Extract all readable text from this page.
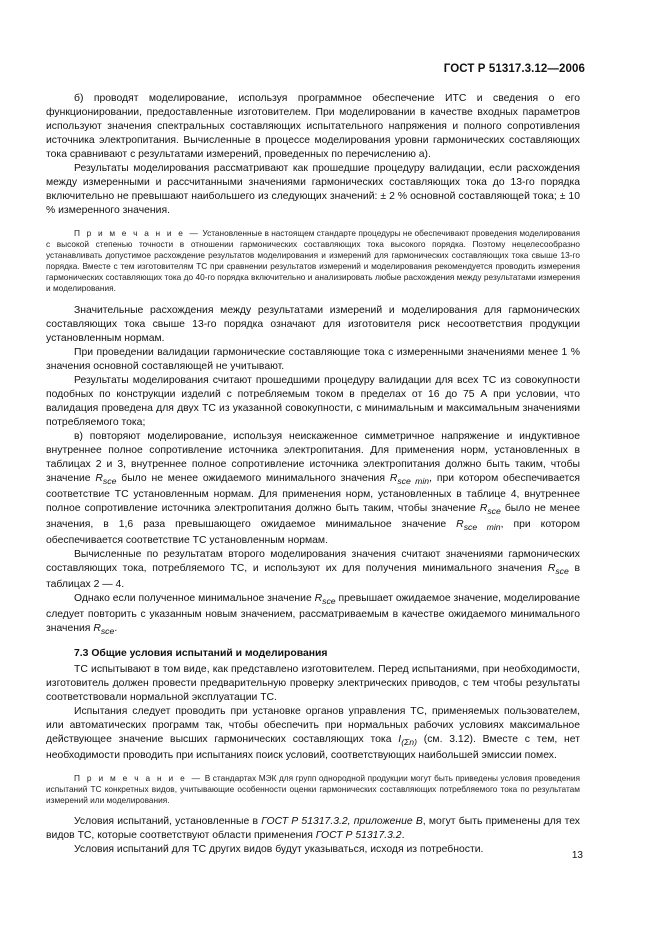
ГОСТ Р 51317.3.12—2006

б) проводят моделирование, используя программное обеспечение ИТС и сведения о его функционировании, предоставленные изготовителем. При моделировании в качестве входных параметров используют значения спектральных составляющих испытательного напряжения и полного сопротивления источника электропитания. Вычисленные в процессе моделирования уровни гармонических составляющих тока сравнивают с результатами измерений, проведенных по перечислению а).

Результаты моделирования рассматривают как прошедшие процедуру валидации, если расхождения между измеренными и рассчитанными значениями гармонических составляющих тока до 13-го порядка включительно не превышают наибольшего из следующих значений: ± 2 % основной составляющей тока; ± 10 % измеренного значения.

П р и м е ч а н и е — Установленные в настоящем стандарте процедуры не обеспечивают проведения моделирования с высокой степенью точности в отношении гармонических составляющих тока высокого порядка. Поэтому нецелесообразно устанавливать допустимое расхождение результатов моделирования и измерений для гармонических составляющих тока свыше 13-го порядка. Вместе с тем изготовителям ТС при сравнении результатов измерений и моделирования рекомендуется проводить измерения гармонических составляющих тока до 40-го порядка включительно и анализировать любые расхождения между результатами измерения и моделирования.

Значительные расхождения между результатами измерений и моделирования для гармонических составляющих тока свыше 13-го порядка означают для изготовителя риск несоответствия продукции установленным нормам.

При проведении валидации гармонические составляющие тока с измеренными значениями менее 1 % значения основной составляющей не учитывают.

Результаты моделирования считают прошедшими процедуру валидации для всех ТС из совокупности подобных по конструкции изделий с потребляемым током в пределах от 16 до 75 А при условии, что валидация проведена для двух ТС из указанной совокупности, с минимальным и максимальным значениями потребляемого тока;

в) повторяют моделирование, используя неискаженное симметричное напряжение и индуктивное внутреннее полное сопротивление источника электропитания. Для применения норм, установленных в таблицах 2 и 3, внутреннее полное сопротивление источника электропитания должно быть таким, чтобы значение $R_{sce}$ было не менее ожидаемого минимального значения $R_{sce min}$, при котором обеспечивается соответствие ТС установленным нормам. Для применения норм, установленных в таблице 4, внутреннее полное сопротивление источника электропитания должно быть таким, чтобы значение $R_{sce}$ было не менее значения, в 1,6 раза превышающего ожидаемое минимальное значение $R_{sce min}$, при котором обеспечивается соответствие ТС установленным нормам.

Вычисленные по результатам второго моделирования значения считают значениями гармонических составляющих тока, потребляемого ТС, и используют их для получения минимального значения $R_{sce}$ в таблицах 2 — 4.

Однако если полученное минимальное значение $R_{sce}$ превышает ожидаемое значение, моделирование следует повторить с указанным новым значением, рассматриваемым в качестве ожидаемого минимального значения $R_{sce}$.

7.3 Общие условия испытаний и моделирования

ТС испытывают в том виде, как представлено изготовителем. Перед испытаниями, при необходимости, изготовитель должен провести предварительную проверку электрических приводов, с тем чтобы результаты соответствовали нормальной эксплуатации ТС.

Испытания следует проводить при установке органов управления ТС, применяемых пользователем, или автоматических программ так, чтобы обеспечить при нормальных рабочих условиях максимальное действующее значение высших гармонических составляющих тока $I_{(\Sigma n)}$ (см. 3.12). Вместе с тем, нет необходимости проводить при испытаниях поиск условий, соответствующих наибольшей эмиссии помех.

П р и м е ч а н и е — В стандартах МЭК для групп однородной продукции могут быть приведены условия проведения испытаний ТС конкретных видов, учитывающие особенности оценки гармонических составляющих потребляемого тока по результатам измерений или моделирования.

Условия испытаний, установленные в ГОСТ Р 51317.3.2, приложение В, могут быть применены для тех видов ТС, которые соответствуют области применения ГОСТ Р 51317.3.2.

Условия испытаний для ТС других видов будут указываться, исходя из потребности.

13
